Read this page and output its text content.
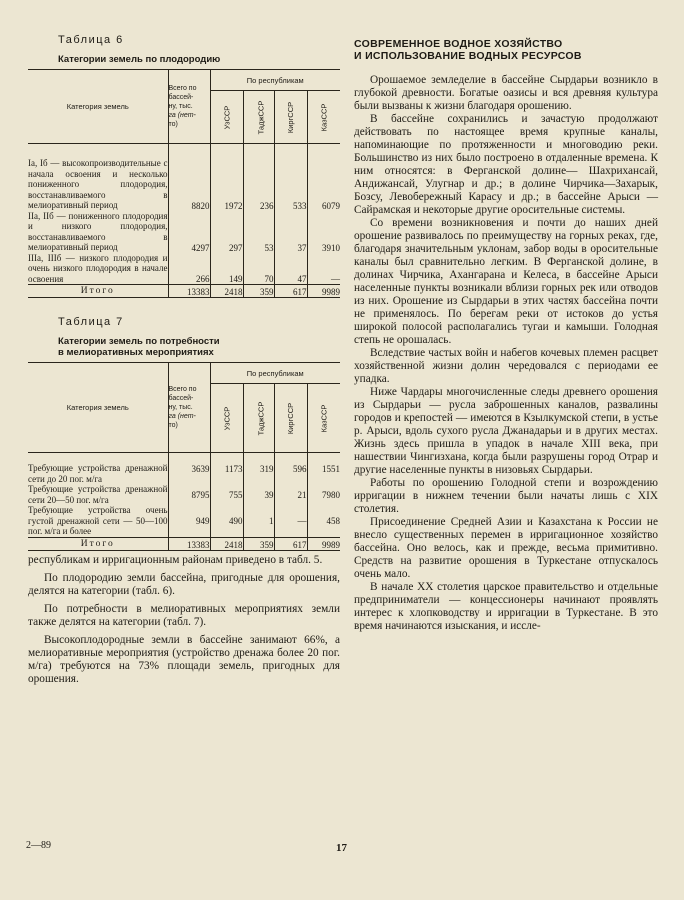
Таблица 6
Категории земель по плодородию
Категория земель	Всего по
бассей-
ну, тыс.
га (нет-
то)	По республикам			
		УзССР	ТаджССР	КиргССР	КазССР
Iа, Iб — высокопроизводительные с начала освоения и несколько пониженного плодородия, восстанавливаемого в мелиоративный период	8820	1972	236	533	6079
IIа, IIб — пониженного плодородия и низкого плодородия, восстанавливаемого в мелиоративный период	4297	297	53	37	3910
IIIа, IIIб — низкого плодородия и очень низкого плодородия в начале освоения	266	149	70	47	—
Итого	13383	2418	359	617	9989
Таблица 7
Категории земель по потребности
в мелиоративных мероприятиях
Категория земель	Всего по
бассей-
ну, тыс.
га (нет-
то)	По республикам			
		УзССР	ТаджССР	КиргССР	КазССР
Требующие устройства дренажной сети до 20 пог. м/га	3639	1173	319	596	1551
Требующие устройства дренажной сети 20—50 пог. м/га	8795	755	39	21	7980
Требующие устройства очень густой дренажной сети — 50—100 пог. м/га и более	949	490	1	—	458
Итого	13383	2418	359	617	9989

республикам и ирригационным районам приведено в табл. 5.

По плодородию земли бассейна, пригодные для орошения, делятся на категории (табл. 6).

По потребности в мелиоративных мероприятиях земли также делятся на категории (табл. 7).

Высокоплодородные земли в бассейне занимают 66%, а мелиоративные мероприятия (устройство дренажа более 20 пог. м/га) требуются на 73% площади земель, пригодных для орошения.

СОВРЕМЕННОЕ ВОДНОЕ ХОЗЯЙСТВО
И ИСПОЛЬЗОВАНИЕ ВОДНЫХ РЕСУРСОВ

Орошаемое земледелие в бассейне Сырдарьи возникло в глубокой древности. Богатые оазисы и вся древняя культура были вызваны к жизни благодаря орошению.

В бассейне сохранились и зачастую продолжают действовать по настоящее время крупные каналы, напоминающие по протяженности и многоводию реки. Большинство из них было построено в отдаленные времена. К ним относятся: в Ферганской долине— Шахриханcай, Андижансай, Улугнар и др.; в долине Чирчика—Захарык, Бозсу, Левобережный Карасу и др.; в бассейне Арыси — Сайрамская и некоторые другие оросительные системы.

Со времени возникновения и почти до наших дней орошение развивалось по преимуществу на горных реках, где, благодаря значительным уклонам, забор воды в оросительные каналы был сравнительно легким. В Ферганской долине, в долинах Чирчика, Ахангарана и Келеса, в бассейне Арыси населенные пункты возникали вблизи горных рек или отводов из них. Орошение из Сырдарьи в этих частях бассейна почти не применялось. По берегам реки от истоков до устья широкой полосой располагались тугаи и камыши. Голодная степь не орошалась.

Вследствие частых войн и набегов кочевых племен расцвет хозяйственной жизни долин чередовался с периодами ее упадка.

Ниже Чардары многочисленные следы древнего орошения из Сырдарьи — русла заброшенных каналов, развалины городов и крепостей — имеются в Кзылкумской степи, в устье р. Арыси, вдоль сухого русла Джанадарьи и в других местах. Жизнь здесь пришла в упадок в начале XIII века, при нашествии Чингизхана, когда были разрушены город Отрар и другие населенные пункты в низовьях Сырдарьи.

Работы по орошению Голодной степи и возрождению ирригации в нижнем течении были начаты лишь с XIX столетия.

Присоединение Средней Азии и Казахстана к России не внесло существенных перемен в ирригационное хозяйство бассейна. Оно велось, как и прежде, весьма примитивно. Средств на развитие орошения в Туркестане отпускалось очень мало.

В начале XX столетия царское правительство и отдельные предприниматели — концессионеры начинают проявлять интерес к хлопководству и ирригации в Туркестане. В это время начинаются изыскания, и иссле-

2—89	17
